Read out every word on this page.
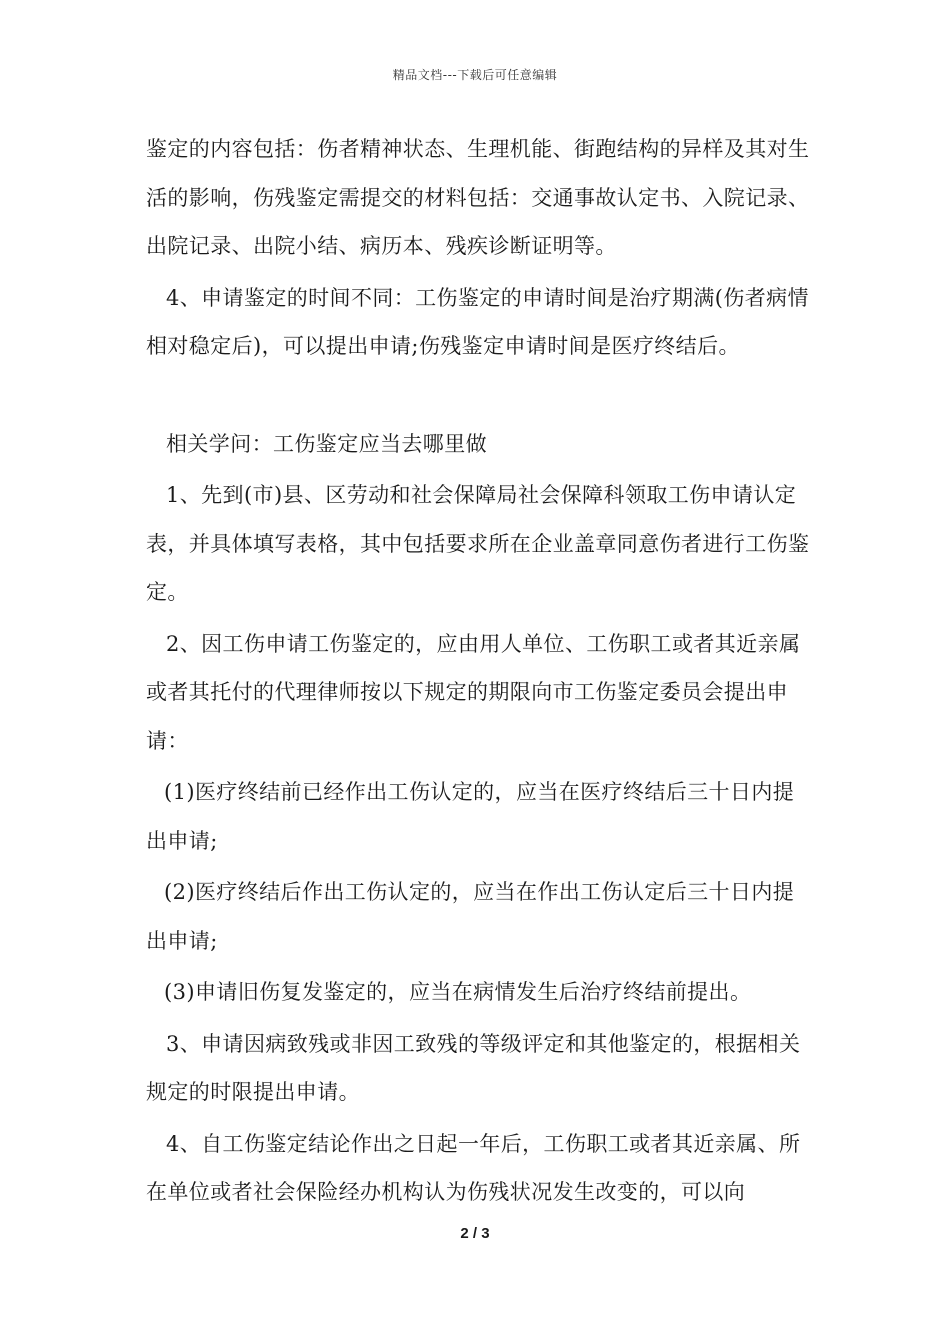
精品文档---下载后可任意编辑

鉴定的内容包括：伤者精神状态、生理机能、街跑结构的异样及其对生活的影响，伤残鉴定需提交的材料包括：交通事故认定书、入院记录、出院记录、出院小结、病历本、残疾诊断证明等。

4、申请鉴定的时间不同：工伤鉴定的申请时间是治疗期满(伤者病情相对稳定后)，可以提出申请;伤残鉴定申请时间是医疗终结后。

相关学问：工伤鉴定应当去哪里做

1、先到(市)县、区劳动和社会保障局社会保障科领取工伤申请认定表，并具体填写表格，其中包括要求所在企业盖章同意伤者进行工伤鉴定。

2、因工伤申请工伤鉴定的，应由用人单位、工伤职工或者其近亲属或者其托付的代理律师按以下规定的期限向市工伤鉴定委员会提出申请：

(1)医疗终结前已经作出工伤认定的，应当在医疗终结后三十日内提出申请;

(2)医疗终结后作出工伤认定的，应当在作出工伤认定后三十日内提出申请;

(3)申请旧伤复发鉴定的，应当在病情发生后治疗终结前提出。

3、申请因病致残或非因工致残的等级评定和其他鉴定的，根据相关规定的时限提出申请。

4、自工伤鉴定结论作出之日起一年后，工伤职工或者其近亲属、所在单位或者社会保险经办机构认为伤残状况发生改变的，可以向

2 / 3
